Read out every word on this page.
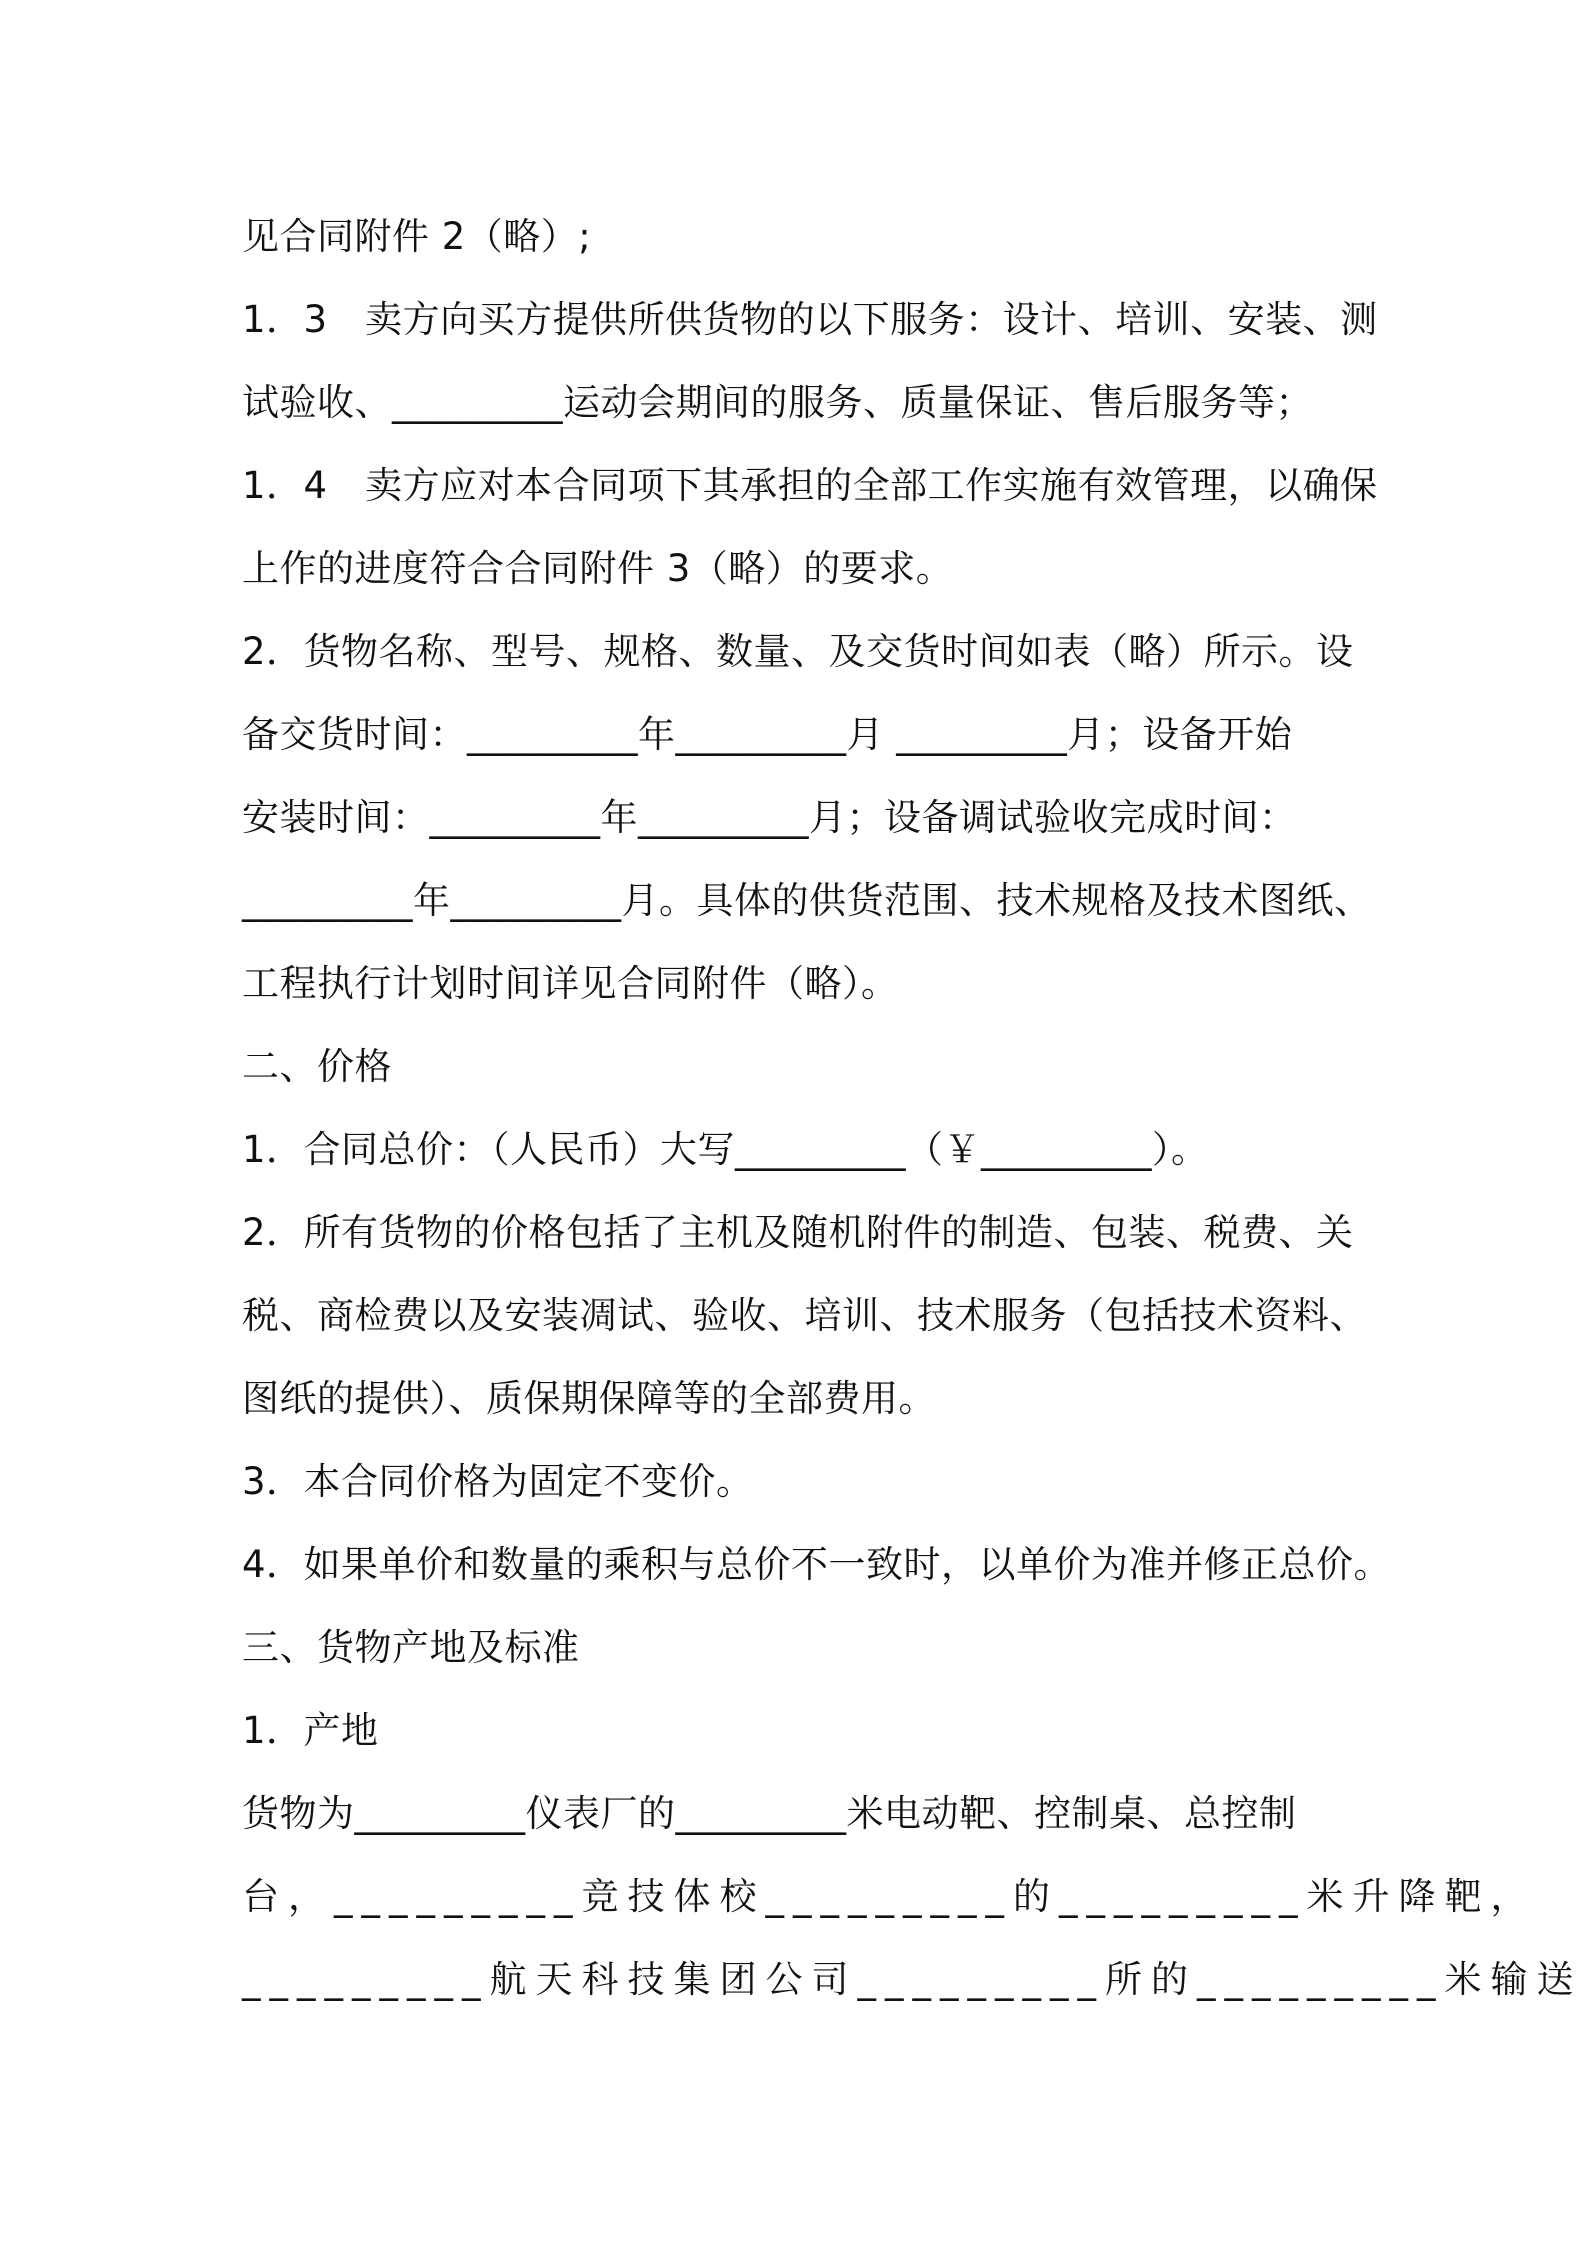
见合同附件 2（略）;
1．3　卖方向买方提供所供货物的以下服务：设计、培训、安装、测
试验收、_________运动会期间的服务、质量保证、售后服务等；
1．4　卖方应对本合同项下其承担的全部工作实施有效管理，以确保
上作的进度符合合同附件 3（略）的要求。
2．货物名称、型号、规格、数量、及交货时间如表（略）所示。设
备交货时间：_________年_________月 _________月；设备开始
安装时间：_________年_________月；设备调试验收完成时间：
_________年_________月。具体的供货范围、技术规格及技术图纸、
工程执行计划时间详见合同附件（略）。
二、价格
1．合同总价：（人民币）大写_________（￥_________）。
2．所有货物的价格包括了主机及随机附件的制造、包装、税费、关
税、商检费以及安装凋试、验收、培训、技术服务（包括技术资料、
图纸的提供）、质保期保障等的全部费用。
3．本合同价格为固定不变价。
4．如果单价和数量的乘积与总价不一致时，以单价为准并修正总价。
三、货物产地及标准
1．产地
货物为_________仪表厂的_________米电动靶、控制桌、总控制
台，_________竞技体校_________的_________米升降靶，
_________航天科技集团公司_________所的_________米输送
